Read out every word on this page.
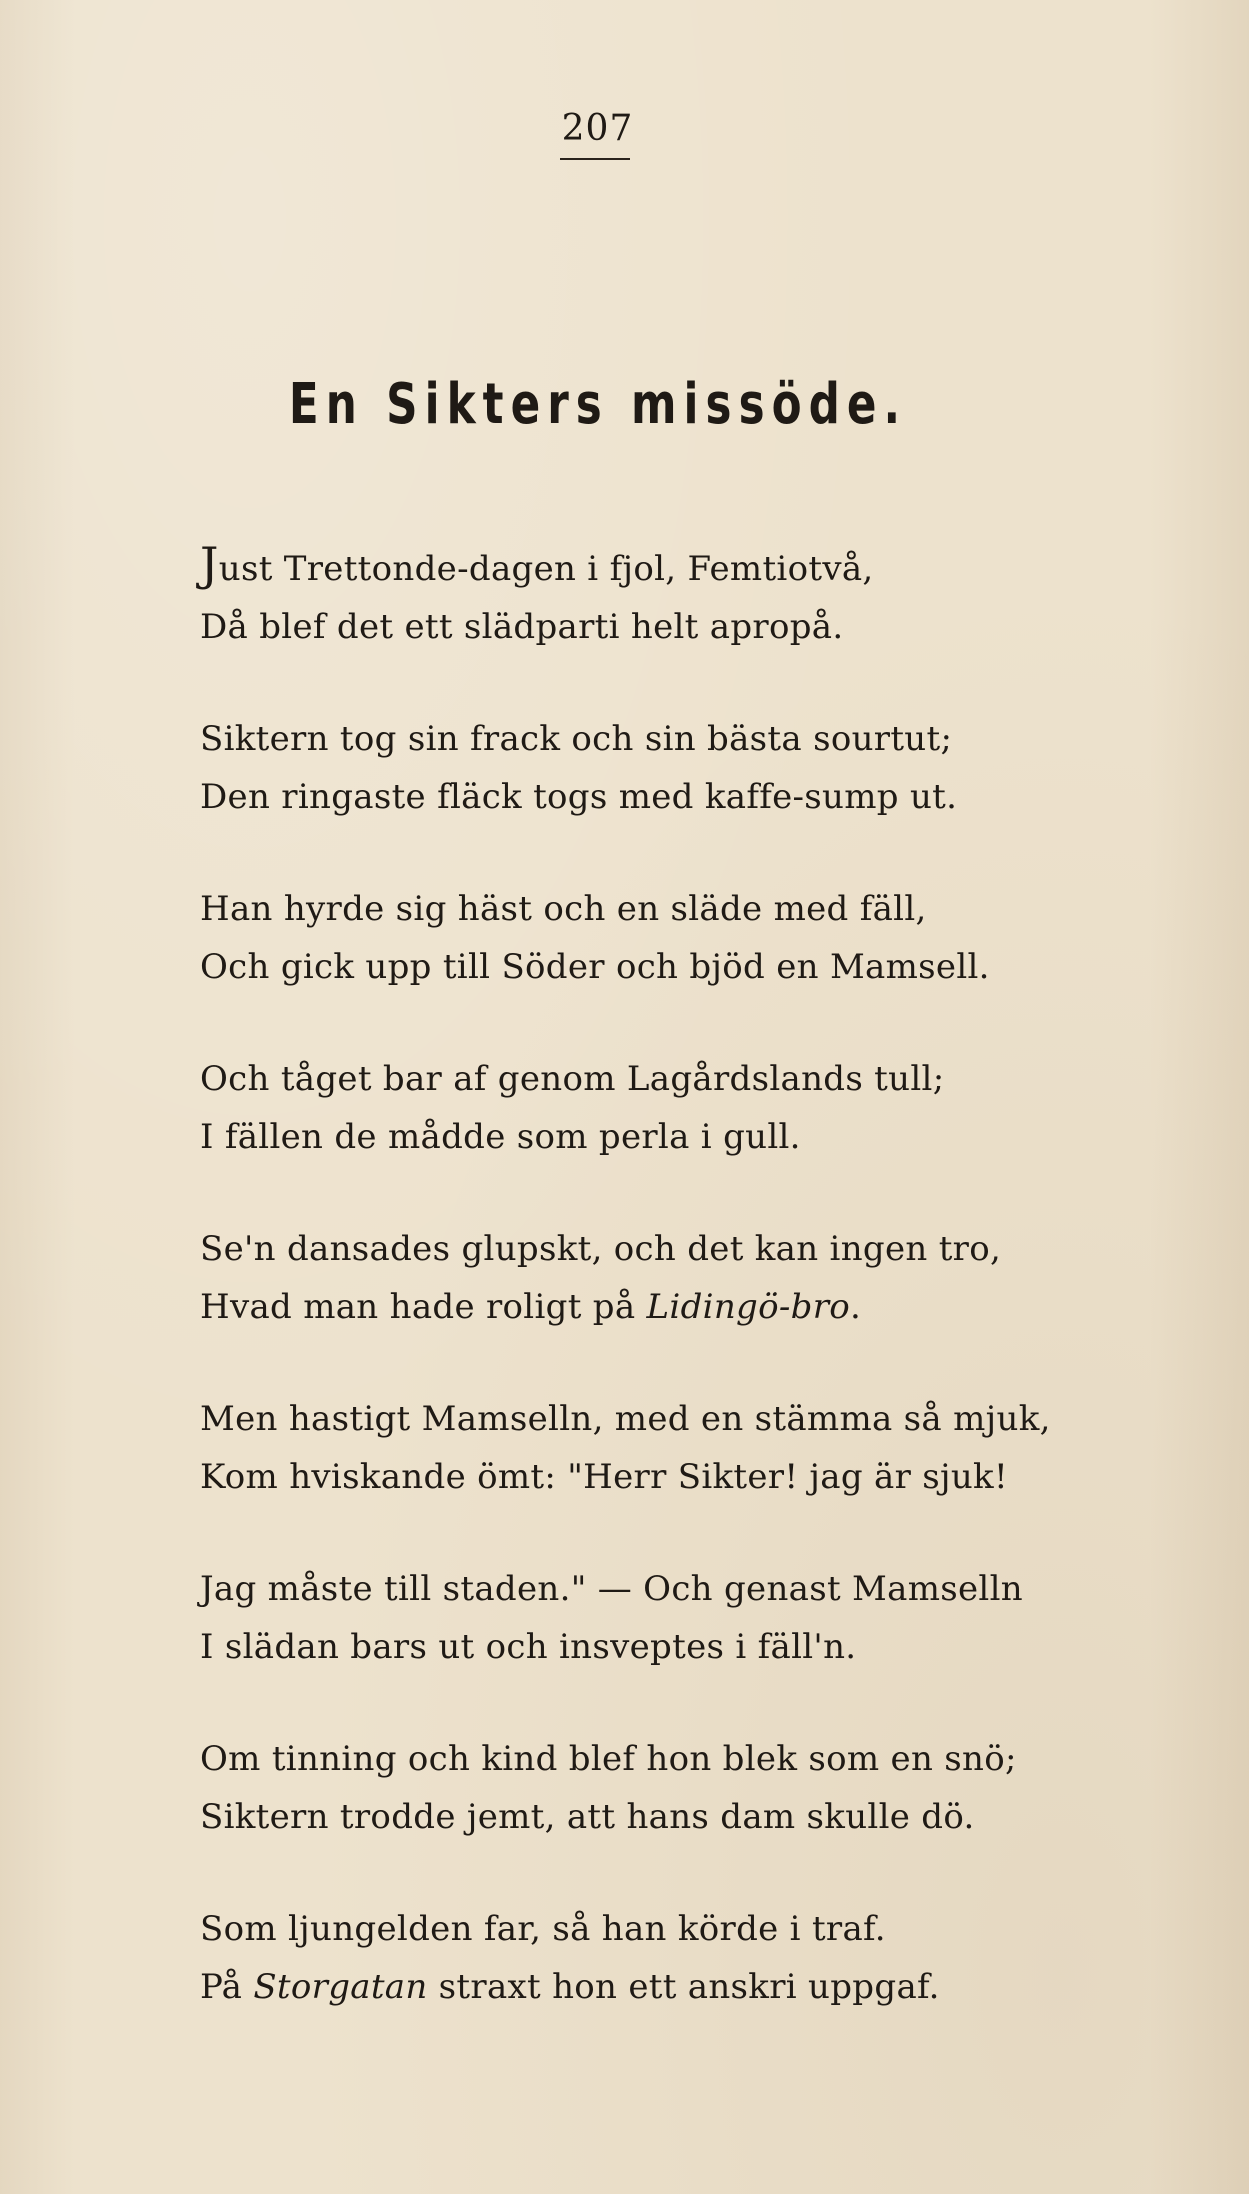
207
En Sikters missöde.
Just Trettonde-dagen i fjol, Femtiotvå,
Då blef det ett slädparti helt apropå.
Siktern tog sin frack och sin bästa sourtut;
Den ringaste fläck togs med kaffe-sump ut.
Han hyrde sig häst och en släde med fäll,
Och gick upp till Söder och bjöd en Mamsell.
Och tåget bar af genom Lagårdslands tull;
I fällen de mådde som perla i gull.
Se'n dansades glupskt, och det kan ingen tro,
Hvad man hade roligt på Lidingö-bro.
Men hastigt Mamselln, med en stämma så mjuk,
Kom hviskande ömt: "Herr Sikter! jag är sjuk!
Jag måste till staden." — Och genast Mamselln
I slädan bars ut och insveptes i fäll'n.
Om tinning och kind blef hon blek som en snö;
Siktern trodde jemt, att hans dam skulle dö.
Som ljungelden far, så han körde i traf.
På Storgatan straxt hon ett anskri uppgaf.
